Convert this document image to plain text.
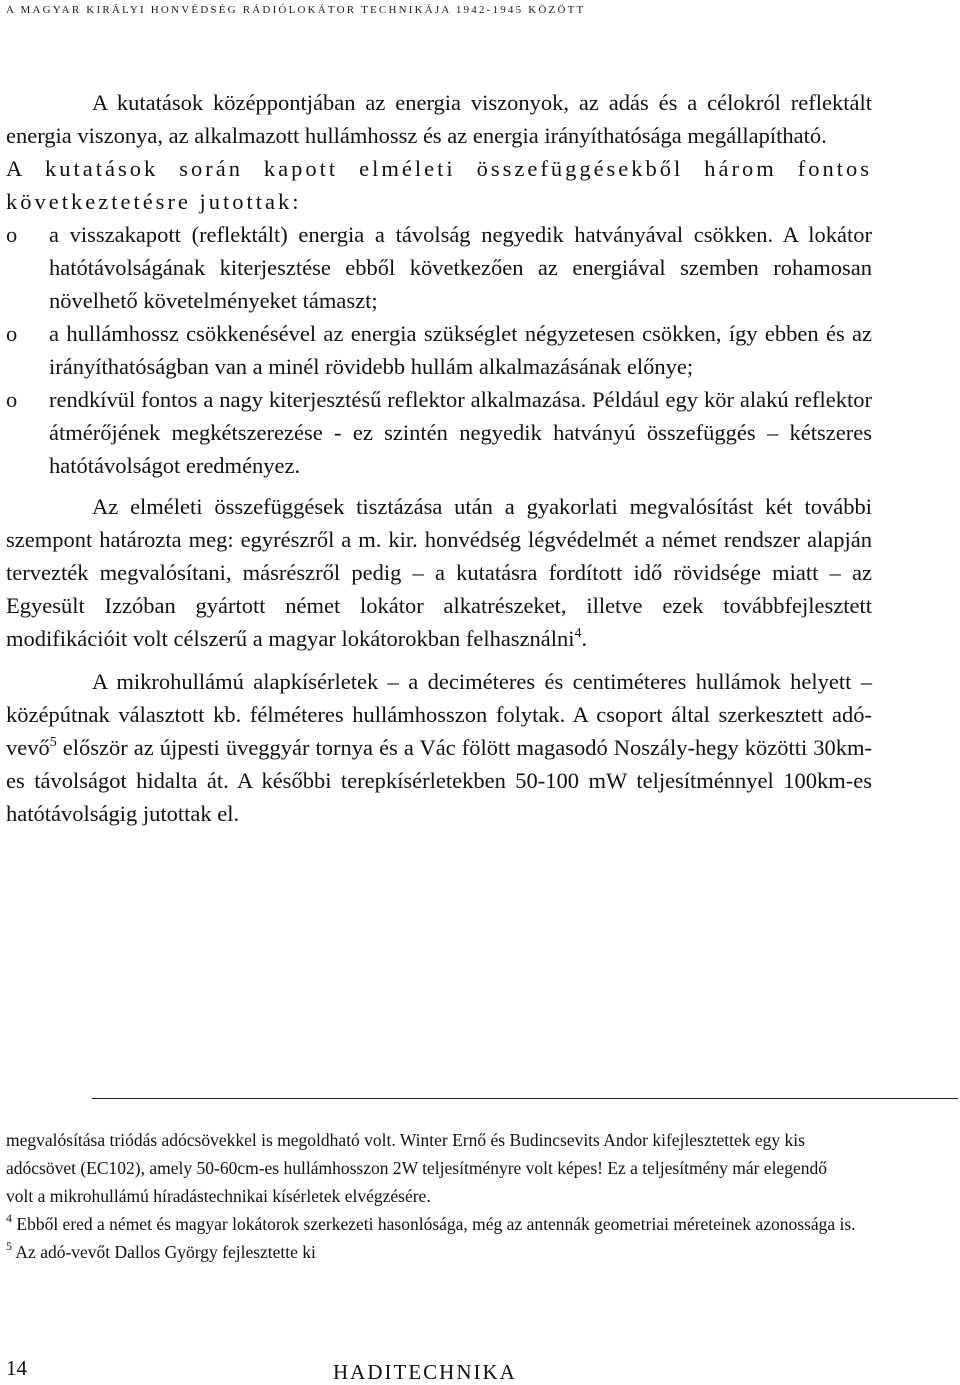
A MAGYAR KIRÁLYI HONVÉDSÉG RÁDIÓLOKÁTOR TECHNIKÁJA 1942-1945 KÖZÖTT

A kutatások középpontjában az energia viszonyok, az adás és a célokról reflektált energia viszonya, az alkalmazott hullámhossz és az energia irányíthatósága megállapítható.

A kutatások során kapott elméleti összefüggésekből három fontos következtetésre jutottak:

o a visszakapott (reflektált) energia a távolság negyedik hatványával csökken. A lokátor hatótávolságának kiterjesztése ebből következően az energiával szemben rohamosan növelhető követelményeket támaszt;
o a hullámhossz csökkenésével az energia szükséglet négyzetesen csökken, így ebben és az irányíthatóságban van a minél rövidebb hullám alkalmazásának előnye;
o rendkívül fontos a nagy kiterjesztésű reflektor alkalmazása. Például egy kör alakú reflektor átmérőjének megkétszerezése - ez szintén negyedik hatványú összefüggés – kétszeres hatótávolságot eredményez.

Az elméleti összefüggések tisztázása után a gyakorlati megvalósítást két további szempont határozta meg: egyrészről a m. kir. honvédség légvédelmét a német rendszer alapján tervezték megvalósítani, másrészről pedig – a kutatásra fordított idő rövidsége miatt – az Egyesült Izzóban gyártott német lokátor alkatrészeket, illetve ezek továbbfejlesztett modifikációit volt célszerű a magyar lokátorokban felhasználni$^4$.

A mikrohullámú alapkísérletek – a deciméteres és centiméteres hullámok helyett – középútnak választott kb. félméteres hullámhosszon folytak. A csoport által szerkesztett adó-vevő$^5$ először az újpesti üveggyár tornya és a Vác fölött magasodó Noszály-hegy közötti 30km-es távolságot hidalta át. A későbbi terepkísérletekben 50-100 mW teljesítménnyel 100km-es hatótávolságig jutottak el.

megvalósítása triódás adócsövekkel is megoldható volt. Winter Ernő és Budincsevits Andor kifejlesztettek egy kis adócsövet (EC102), amely 50-60cm-es hullámhosszon 2W teljesítményre volt képes! Ez a teljesítmény már elegendő volt a mikrohullámú híradástechnikai kísérletek elvégzésére.

$^4$ Ebből ered a német és magyar lokátorok szerkezeti hasonlósága, még az antennák geometriai méreteinek azonossága is.

$^5$ Az adó-vevőt Dallos György fejlesztette ki

14	HADITECHNIKA
